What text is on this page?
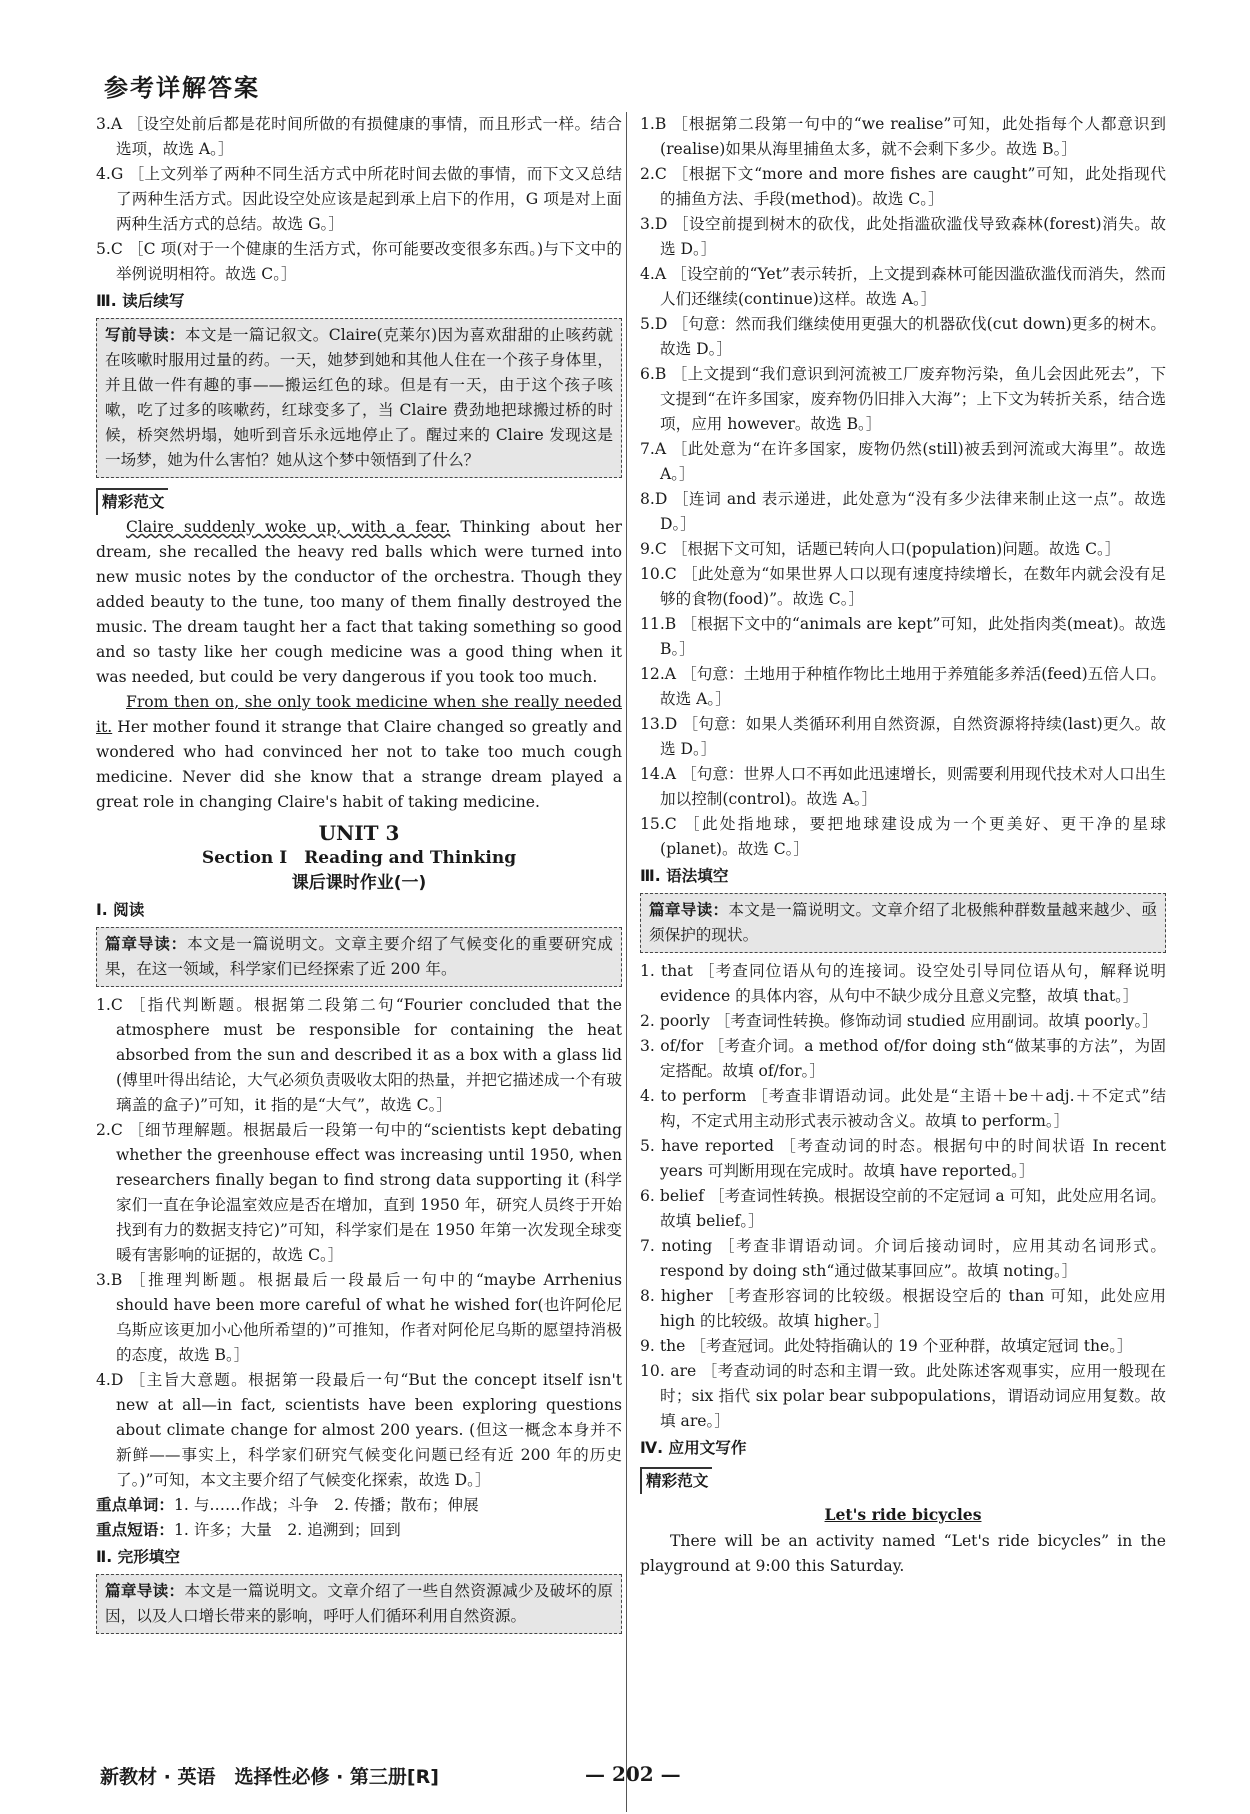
参考详解答案
3.A ［设空处前后都是花时间所做的有损健康的事情，而且形式一样。结合选项，故选 A。］
4.G ［上文列举了两种不同生活方式中所花时间去做的事情，而下文又总结了两种生活方式。因此设空处应该是起到承上启下的作用，G 项是对上面两种生活方式的总结。故选 G。］
5.C ［C 项(对于一个健康的生活方式，你可能要改变很多东西。)与下文中的举例说明相符。故选 C。］
Ⅲ. 读后续写
写前导读：本文是一篇记叙文。Claire(克莱尔)因为喜欢甜甜的止咳药就在咳嗽时服用过量的药。一天，她梦到她和其他人住在一个孩子身体里，并且做一件有趣的事——搬运红色的球。但是有一天，由于这个孩子咳嗽，吃了过多的咳嗽药，红球变多了，当 Claire 费劲地把球搬过桥的时候，桥突然坍塌，她听到音乐永远地停止了。醒过来的 Claire 发现这是一场梦，她为什么害怕？她从这个梦中领悟到了什么？
精彩范文

Claire suddenly woke up, with a fear. Thinking about her dream, she recalled the heavy red balls which were turned into new music notes by the conductor of the orchestra. Though they added beauty to the tune, too many of them finally destroyed the music. The dream taught her a fact that taking something so good and so tasty like her cough medicine was a good thing when it was needed, but could be very dangerous if you took too much.

From then on, she only took medicine when she really needed it. Her mother found it strange that Claire changed so greatly and wondered who had convinced her not to take too much cough medicine. Never did she know that a strange dream played a great role in changing Claire's habit of taking medicine.

UNIT 3
Section Ⅰ　Reading and Thinking
课后课时作业(一)
Ⅰ. 阅读
篇章导读：本文是一篇说明文。文章主要介绍了气候变化的重要研究成果，在这一领域，科学家们已经探索了近 200 年。
1.C ［指代判断题。根据第二段第二句“Fourier concluded that the atmosphere must be responsible for containing the heat absorbed from the sun and described it as a box with a glass lid (傅里叶得出结论，大气必须负责吸收太阳的热量，并把它描述成一个有玻璃盖的盒子)”可知，it 指的是“大气”，故选 C。］
2.C ［细节理解题。根据最后一段第一句中的“scientists kept debating whether the greenhouse effect was increasing until 1950, when researchers finally began to find strong data supporting it (科学家们一直在争论温室效应是否在增加，直到 1950 年，研究人员终于开始找到有力的数据支持它)”可知，科学家们是在 1950 年第一次发现全球变暖有害影响的证据的，故选 C。］
3.B ［推理判断题。根据最后一段最后一句中的“maybe Arrhenius should have been more careful of what he wished for(也许阿伦尼乌斯应该更加小心他所希望的)”可推知，作者对阿伦尼乌斯的愿望持消极的态度，故选 B。］
4.D ［主旨大意题。根据第一段最后一句“But the concept itself isn't new at all—in fact, scientists have been exploring questions about climate change for almost 200 years. (但这一概念本身并不新鲜——事实上，科学家们研究气候变化问题已经有近 200 年的历史了。)”可知，本文主要介绍了气候变化探索，故选 D。］
重点单词：1. 与……作战；斗争　2. 传播；散布；伸展
重点短语：1. 许多；大量　2. 追溯到；回到
Ⅱ. 完形填空
篇章导读：本文是一篇说明文。文章介绍了一些自然资源减少及破坏的原因，以及人口增长带来的影响，呼吁人们循环利用自然资源。
1.B ［根据第二段第一句中的“we realise”可知，此处指每个人都意识到(realise)如果从海里捕鱼太多，就不会剩下多少。故选 B。］
2.C ［根据下文“more and more fishes are caught”可知，此处指现代的捕鱼方法、手段(method)。故选 C。］
3.D ［设空前提到树木的砍伐，此处指滥砍滥伐导致森林(forest)消失。故选 D。］
4.A ［设空前的“Yet”表示转折，上文提到森林可能因滥砍滥伐而消失，然而人们还继续(continue)这样。故选 A。］
5.D ［句意：然而我们继续使用更强大的机器砍伐(cut down)更多的树木。故选 D。］
6.B ［上文提到“我们意识到河流被工厂废弃物污染，鱼儿会因此死去”，下文提到“在许多国家，废弃物仍旧排入大海”；上下文为转折关系，结合选项，应用 however。故选 B。］
7.A ［此处意为“在许多国家，废物仍然(still)被丢到河流或大海里”。故选 A。］
8.D ［连词 and 表示递进，此处意为“没有多少法律来制止这一点”。故选 D。］
9.C ［根据下文可知，话题已转向人口(population)问题。故选 C。］
10.C ［此处意为“如果世界人口以现有速度持续增长，在数年内就会没有足够的食物(food)”。故选 C。］
11.B ［根据下文中的“animals are kept”可知，此处指肉类(meat)。故选 B。］
12.A ［句意：土地用于种植作物比土地用于养殖能多养活(feed)五倍人口。故选 A。］
13.D ［句意：如果人类循环利用自然资源，自然资源将持续(last)更久。故选 D。］
14.A ［句意：世界人口不再如此迅速增长，则需要利用现代技术对人口出生加以控制(control)。故选 A。］
15.C ［此处指地球，要把地球建设成为一个更美好、更干净的星球(planet)。故选 C。］
Ⅲ. 语法填空
篇章导读：本文是一篇说明文。文章介绍了北极熊种群数量越来越少、亟须保护的现状。
1. that ［考查同位语从句的连接词。设空处引导同位语从句，解释说明 evidence 的具体内容，从句中不缺少成分且意义完整，故填 that。］
2. poorly ［考查词性转换。修饰动词 studied 应用副词。故填 poorly。］
3. of/for ［考查介词。a method of/for doing sth“做某事的方法”，为固定搭配。故填 of/for。］
4. to perform ［考查非谓语动词。此处是“主语＋be＋adj.＋不定式”结构，不定式用主动形式表示被动含义。故填 to perform。］
5. have reported ［考查动词的时态。根据句中的时间状语 In recent years 可判断用现在完成时。故填 have reported。］
6. belief ［考查词性转换。根据设空前的不定冠词 a 可知，此处应用名词。故填 belief。］
7. noting ［考查非谓语动词。介词后接动词时，应用其动名词形式。respond by doing sth“通过做某事回应”。故填 noting。］
8. higher ［考查形容词的比较级。根据设空后的 than 可知，此处应用 high 的比较级。故填 higher。］
9. the ［考查冠词。此处特指确认的 19 个亚种群，故填定冠词 the。］
10. are ［考查动词的时态和主谓一致。此处陈述客观事实，应用一般现在时；six 指代 six polar bear subpopulations，谓语动词应用复数。故填 are。］
Ⅳ. 应用文写作
精彩范文
Let's ride bicycles

There will be an activity named “Let's ride bicycles” in the playground at 9:00 this Saturday.

新教材 · 英语　选择性必修 · 第三册[R]	— 202 —
